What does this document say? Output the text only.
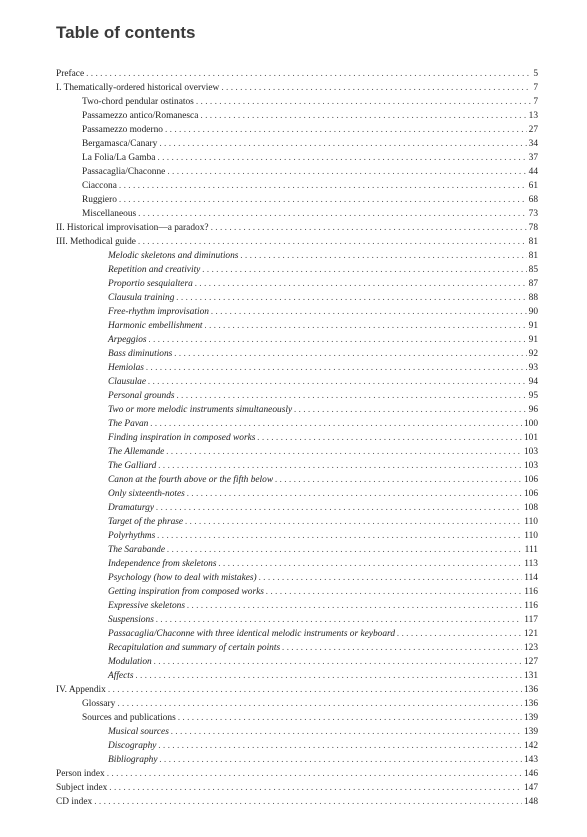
Table of contents
Preface . . .	5
I. Thematically-ordered historical overview . . .	7
Two-chord pendular ostinatos . . .	7
Passamezzo antico/Romanesca . . .	13
Passamezzo moderno . . .	27
Bergamasca/Canary . . .	34
La Folia/La Gamba . . .	37
Passacaglia/Chaconne . . .	44
Ciaccona . . .	61
Ruggiero . . .	68
Miscellaneous . . .	73
II. Historical improvisation—a paradox? . . .	78
III. Methodical guide . . .	81
Melodic skeletons and diminutions . . .	81
Repetition and creativity . . .	85
Proportio sesquialtera . . .	87
Clausula training . . .	88
Free-rhythm improvisation . . .	90
Harmonic embellishment . . .	91
Arpeggios . . .	91
Bass diminutions . . .	92
Hemiolas . . .	93
Clausulae . . .	94
Personal grounds . . .	95
Two or more melodic instruments simultaneously . . .	96
The Pavan . . .	100
Finding inspiration in composed works . . .	101
The Allemande . . .	103
The Galliard . . .	103
Canon at the fourth above or the fifth below . . .	106
Only sixteenth-notes . . .	106
Dramaturgy . . .	108
Target of the phrase . . .	110
Polyrhythms . . .	110
The Sarabande . . .	111
Independence from skeletons . . .	113
Psychology (how to deal with mistakes) . . .	114
Getting inspiration from composed works . . .	116
Expressive skeletons . . .	116
Suspensions . . .	117
Passacaglia/Chaconne with three identical melodic instruments or keyboard . . .	121
Recapitulation and summary of certain points . . .	123
Modulation . . .	127
Affects . . .	131
IV. Appendix . . .	136
Glossary . . .	136
Sources and publications . . .	139
Musical sources . . .	139
Discography . . .	142
Bibliography . . .	143
Person index . . .	146
Subject index . . .	147
CD index . . .	148
